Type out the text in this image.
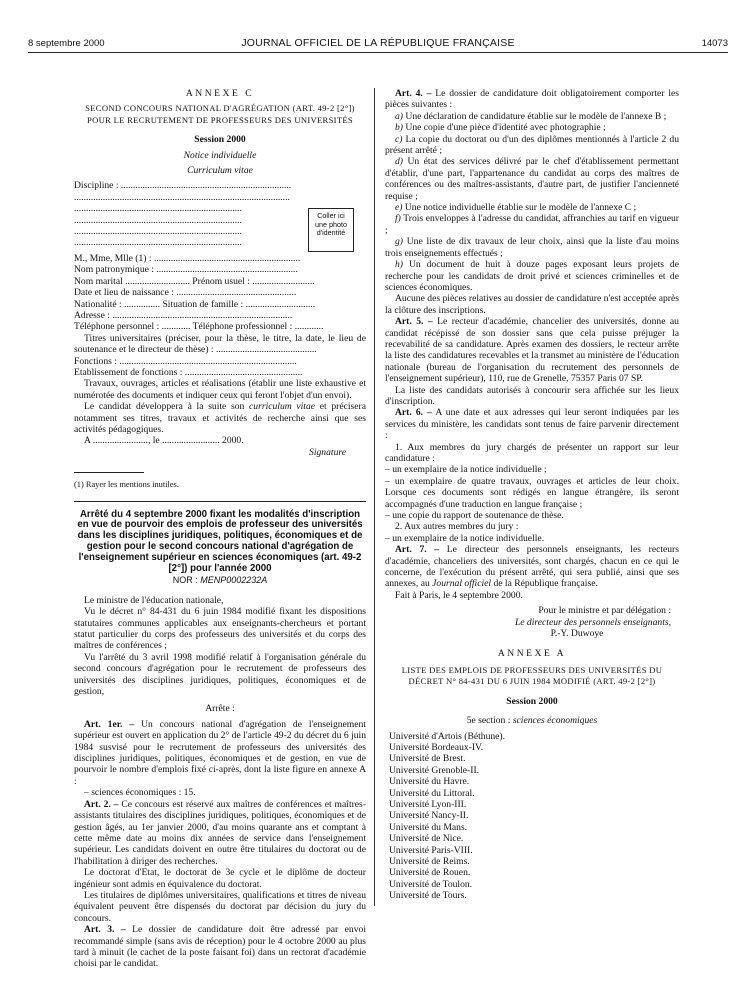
8 septembre 2000	JOURNAL OFFICIEL DE LA RÉPUBLIQUE FRANÇAISE	14073

ANNEXE C

SECOND CONCOURS NATIONAL D'AGRÉGATION (ART. 49-2 [2°]) POUR LE RECRUTEMENT DE PROFESSEURS DES UNIVERSITÉS

Session 2000

Notice individuelle

Curriculum vitae

Discipline : .......................................................................

..........................................................................................

......................................................................

......................................................................

......................................................................

......................................................................

M., Mme, Mlle (1) : .............................................................

Nom patronymique : ...........................................................

Nom marital ........................... Prénom usuel : ..........................

Date et lieu de naissance : ..................................................

Nationalité : ............... Situation de famille : .............................

Adresse : ...........................................................................

Téléphone personnel : ............ Téléphone professionnel : ............

Titres universitaires (préciser, pour la thèse, le titre, la date, le lieu de soutenance et le directeur de thèse) : ..........................................

Fonctions : ..........................................................................

Etablissement de fonctions : .................................................

Travaux, ouvrages, articles et réalisations (établir une liste exhaustive et numérotée des documents et indiquer ceux qui feront l'objet d'un envoi).

Le candidat développera à la suite son curriculum vitae et précisera notamment ses titres, travaux et activités de recherche ainsi que ses activités pédagogiques.

A ......................., le ........................ 2000.

Signature

(1) Rayer les mentions inutiles.

Arrêté du 4 septembre 2000 fixant les modalités d'inscription en vue de pourvoir des emplois de professeur des universités dans les disciplines juridiques, politiques, économiques et de gestion pour le second concours national d'agrégation de l'enseignement supérieur en sciences économiques (art. 49-2 [2°]) pour l'année 2000

NOR : MENP0002232A

Le ministre de l'éducation nationale,

Vu le décret n° 84-431 du 6 juin 1984 modifié fixant les dispositions statutaires communes applicables aux enseignants-chercheurs et portant statut particulier du corps des professeurs des universités et du corps des maîtres de conférences ;

Vu l'arrêté du 3 avril 1998 modifié relatif à l'organisation générale du second concours d'agrégation pour le recrutement de professeurs des universités des disciplines juridiques, politiques, économiques et de gestion,

Arrête :

Art. 1er. – Un concours national d'agrégation de l'enseignement supérieur est ouvert en application du 2° de l'article 49-2 du décret du 6 juin 1984 susvisé pour le recrutement de professeurs des universités des disciplines juridiques, politiques, économiques et de gestion, en vue de pourvoir le nombre d'emplois fixé ci-après, dont la liste figure en annexe A :

– sciences économiques : 15.

Art. 2. – Ce concours est réservé aux maîtres de conférences et maîtres-assistants titulaires des disciplines juridiques, politiques, économiques et de gestion âgés, au 1er janvier 2000, d'au moins quarante ans et comptant à cette même date au moins dix années de service dans l'enseignement supérieur. Les candidats doivent en outre être titulaires du doctorat ou de l'habilitation à diriger des recherches.

Le doctorat d'Etat, le doctorat de 3e cycle et le diplôme de docteur ingénieur sont admis en équivalence du doctorat.

Les titulaires de diplômes universitaires, qualifications et titres de niveau équivalent peuvent être dispensés du doctorat par décision du jury du concours.

Art. 3. – Le dossier de candidature doit être adressé par envoi recommandé simple (sans avis de réception) pour le 4 octobre 2000 au plus tard à minuit (le cachet de la poste faisant foi) dans un rectorat d'académie choisi par le candidat.

Coller ici
une photo
d'identité

Art. 4. – Le dossier de candidature doit obligatoirement comporter les pièces suivantes :

a) Une déclaration de candidature établie sur le modèle de l'annexe B ;

b) Une copie d'une pièce d'identité avec photographie ;

c) La copie du doctorat ou d'un des diplômes mentionnés à l'article 2 du présent arrêté ;

d) Un état des services délivré par le chef d'établissement permettant d'établir, d'une part, l'appartenance du candidat au corps des maîtres de conférences ou des maîtres-assistants, d'autre part, de justifier l'ancienneté requise ;

e) Une notice individuelle établie sur le modèle de l'annexe C ;

f) Trois enveloppes à l'adresse du candidat, affranchies au tarif en vigueur ;

g) Une liste de dix travaux de leur choix, ainsi que la liste d'au moins trois enseignements effectués ;

h) Un document de huit à douze pages exposant leurs projets de recherche pour les candidats de droit privé et sciences criminelles et de sciences économiques.

Aucune des pièces relatives au dossier de candidature n'est acceptée après la clôture des inscriptions.

Art. 5. – Le recteur d'académie, chancelier des universités, donne au candidat récépissé de son dossier sans que cela puisse préjuger la recevabilité de sa candidature. Après examen des dossiers, le recteur arrête la liste des candidatures recevables et la transmet au ministère de l'éducation nationale (bureau de l'organisation du recrutement des personnels de l'enseignement supérieur), 110, rue de Grenelle, 75357 Paris 07 SP.

La liste des candidats autorisés à concourir sera affichée sur les lieux d'inscription.

Art. 6. – A une date et aux adresses qui leur seront indiquées par les services du ministère, les candidats sont tenus de faire parvenir directement :

1. Aux membres du jury chargés de présenter un rapport sur leur candidature :

– un exemplaire de la notice individuelle ;

– un exemplaire de quatre travaux, ouvrages et articles de leur choix. Lorsque ces documents sont rédigés en langue étrangère, ils seront accompagnés d'une traduction en langue française ;

– une copie du rapport de soutenance de thèse.

2. Aux autres membres du jury :

– un exemplaire de la notice individuelle.

Art. 7. – Le directeur des personnels enseignants, les recteurs d'académie, chanceliers des universités, sont chargés, chacun en ce qui le concerne, de l'exécution du présent arrêté, qui sera publié, ainsi que ses annexes, au Journal officiel de la République française.

Fait à Paris, le 4 septembre 2000.

Pour le ministre et par délégation :

Le directeur des personnels enseignants,

P.-Y. Duwoye

ANNEXE A

LISTE DES EMPLOIS DE PROFESSEURS DES UNIVERSITÉS DU DÉCRET N° 84-431 DU 6 JUIN 1984 MODIFIÉ (ART. 49-2 [2°])

Session 2000

5e section : sciences économiques

Université d'Artois (Béthune).

Université Bordeaux-IV.

Université de Brest.

Université Grenoble-II.

Université du Havre.

Université du Littoral.

Université Lyon-III.

Université Nancy-II.

Université du Mans.

Université de Nice.

Université Paris-VIII.

Université de Reims.

Université de Rouen.

Université de Toulon.

Université de Tours.
